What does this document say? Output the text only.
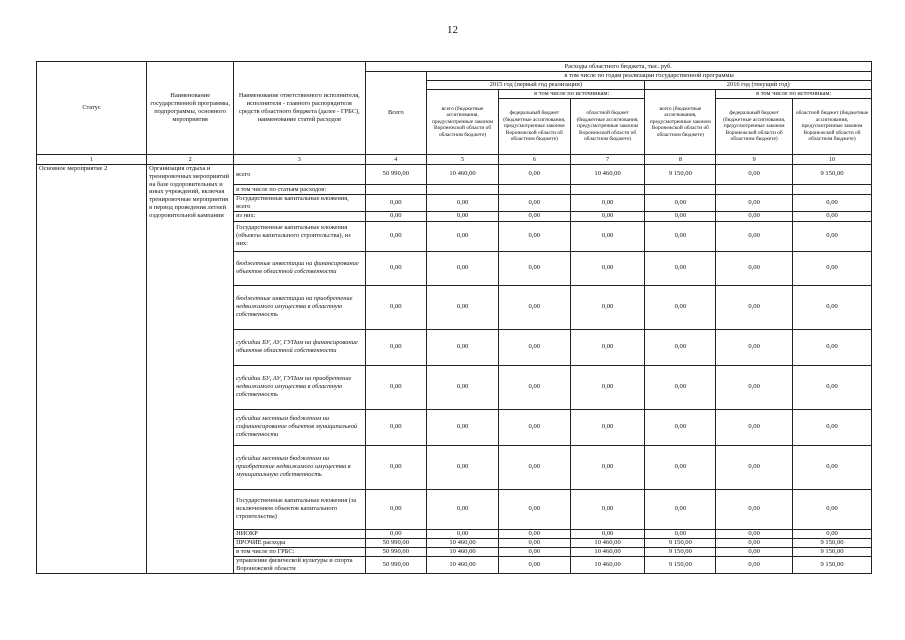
12
Статус	Наименование государственной программы, подпрограммы, основного мероприятия	Наименование ответственного исполнителя, исполнителя - главного распорядителя средств областного бюджета (далее - ГРБС), наименование статей расходов	Расходы областного бюджета, тыс. руб.						
			Всего	в том числе по годам реализации государственной программы					
				2015 год (первый год реализации)			2016 год (текущий год)		
				всего (бюджетные ассигнования, предусмотренные законом Воронежской области об областном бюджете)	в том числе по источникам:		всего (бюджетные ассигнования, предусмотренные законом Воронежской области об областном бюджете)	в том числе по источникам:	
					федеральный бюджет (бюджетные ассигнования, предусмотренные законом Воронежской области об областном бюджете)	областной бюджет (бюджетные ассигнования, предусмотренные законом Воронежской области об областном бюджете)		федеральный бюджет (бюджетные ассигнования, предусмотренные законом Воронежской области об областном бюджете)	областной бюджет (бюджетные ассигнования, предусмотренные законом Воронежской области об областном бюджете)
1	2	3	4	5	6	7	8	9	10
Основное мероприятие 2	Организация отдыха и тренировочных мероприятий на базе оздоровительных и иных учреждений, включая тренировочные мероприятия в период проведения летней оздоровительной кампании	всего	50 990,00	10 460,00	0,00	10 460,00	9 150,00	0,00	9 150,00
		в том числе по статьям расходов:							
		Государственные капитальные вложения, всего	0,00	0,00	0,00	0,00	0,00	0,00	0,00
		из них:	0,00	0,00	0,00	0,00	0,00	0,00	0,00
		Государственные капитальные вложения (объекты капитального строительства), из них:	0,00	0,00	0,00	0,00	0,00	0,00	0,00
		бюджетные инвестиции на финансирование объектов областной собственности	0,00	0,00	0,00	0,00	0,00	0,00	0,00
		бюджетные инвестиции на приобретение недвижимого имущества в областную собственность	0,00	0,00	0,00	0,00	0,00	0,00	0,00
		субсидии БУ, АУ, ГУПам на финансирование объектов областной собственности	0,00	0,00	0,00	0,00	0,00	0,00	0,00
		субсидии БУ, АУ, ГУПам на приобретение недвижимого имущества в областную собственность	0,00	0,00	0,00	0,00	0,00	0,00	0,00
		субсидии местным бюджетам на софинансирование объектов муниципальной собственности	0,00	0,00	0,00	0,00	0,00	0,00	0,00
		субсидии местным бюджетам на приобретение недвижимого имущества в муниципальную собственность	0,00	0,00	0,00	0,00	0,00	0,00	0,00
		Государственные капитальные вложения (за исключением объектов капитального строительства)	0,00	0,00	0,00	0,00	0,00	0,00	0,00
		НИОКР	0,00	0,00	0,00	0,00	0,00	0,00	0,00
		ПРОЧИЕ расходы	50 990,00	10 460,00	0,00	10 460,00	9 150,00	0,00	9 150,00
		в том числе по ГРБС:	50 990,00	10 460,00	0,00	10 460,00	9 150,00	0,00	9 150,00
		управление физической культуры и спорта Воронежской области	50 990,00	10 460,00	0,00	10 460,00	9 150,00	0,00	9 150,00
